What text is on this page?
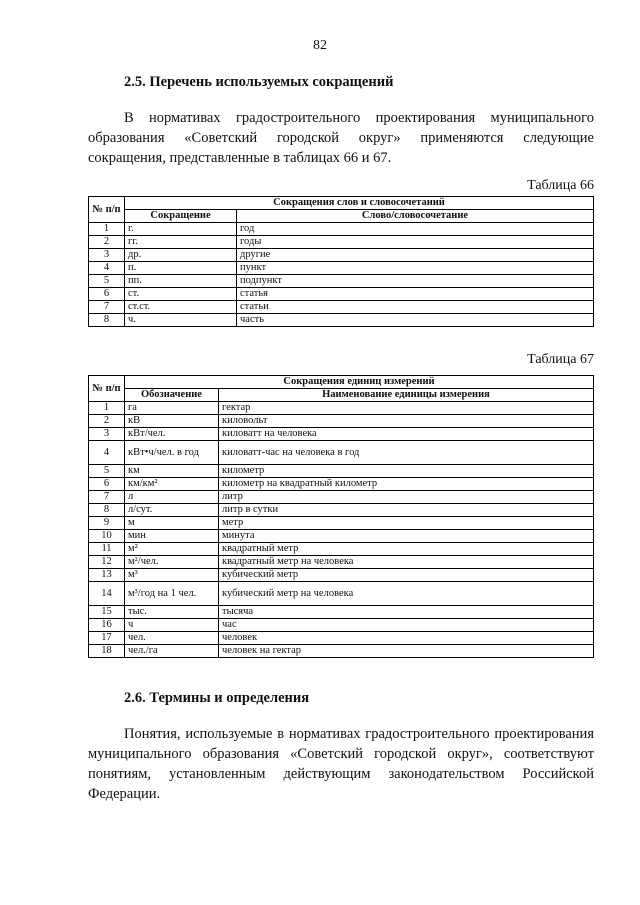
82
2.5. Перечень используемых сокращений
В нормативах градостроительного проектирования муниципального образования «Советский городской округ» применяются следующие сокращения, представленные в таблицах 66 и 67.
Таблица 66
№ п/п	Сокращения слов и словосочетаний	
	Сокращение	Слово/словосочетание
1	г.	год
2	гг.	годы
3	др.	другие
4	п.	пункт
5	пп.	подпункт
6	ст.	статья
7	ст.ст.	статьи
8	ч.	часть
Таблица 67
№ п/п	Сокращения единиц измерений	
	Обозначение	Наименование единицы измерения
1	га	гектар
2	кВ	киловольт
3	кВт/чел.	киловатт на человека
4	кВт•ч/чел. в год	киловатт-час на человека в год
5	км	километр
6	км/км²	километр на квадратный километр
7	л	литр
8	л/сут.	литр в сутки
9	м	метр
10	мин	минута
11	м²	квадратный метр
12	м²/чел.	квадратный метр на человека
13	м³	кубический метр
14	м³/год на 1 чел.	кубический метр на человека
15	тыс.	тысяча
16	ч	час
17	чел.	человек
18	чел./га	человек на гектар
2.6. Термины и определения
Понятия, используемые в нормативах градостроительного проектирования муниципального образования «Советский городской округ», соответствуют понятиям, установленным действующим законодательством Российской Федерации.
